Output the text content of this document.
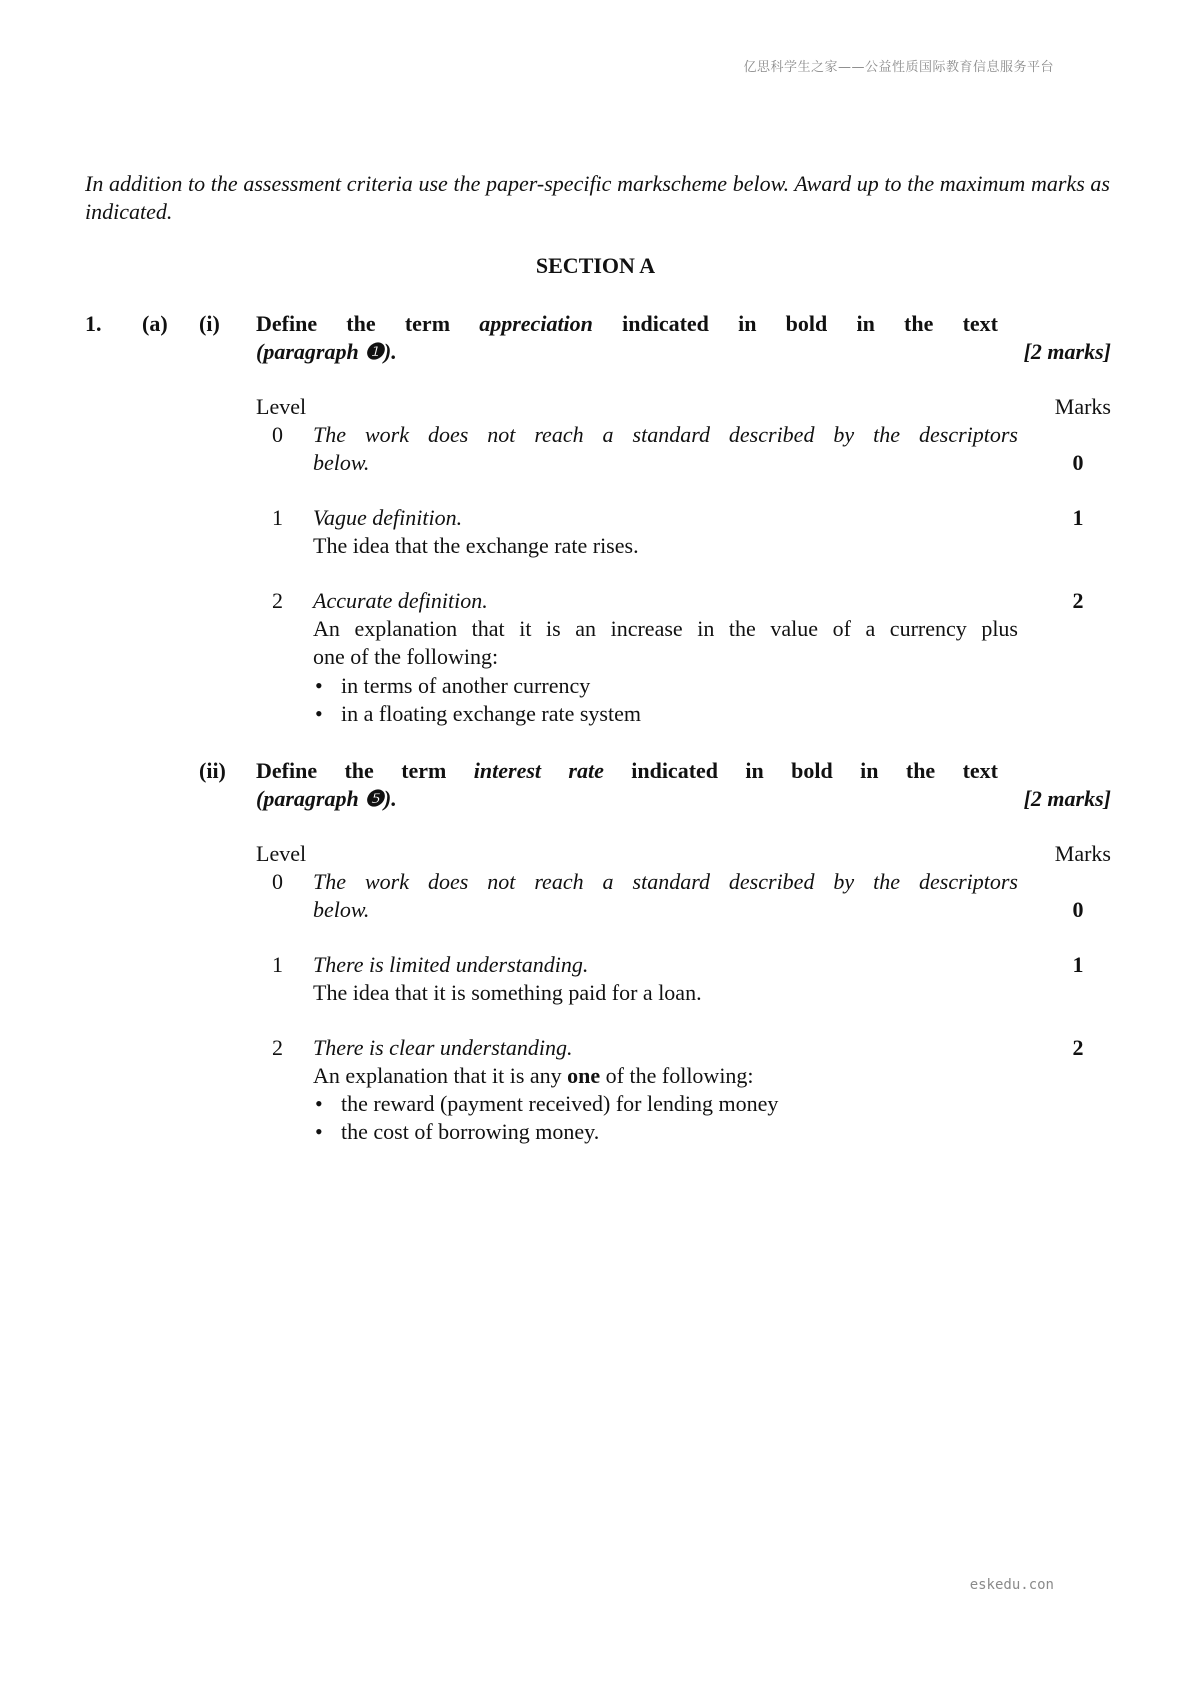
亿思科学生之家——公益性质国际教育信息服务平台
In addition to the assessment criteria use the paper-specific markscheme below. Award up to the maximum marks as indicated.
SECTION A
1. (a) (i) Define the term appreciation indicated in bold in the text
(paragraph ❶).	[2 marks]
Level	Marks
0 The work does not reach a standard described by the descriptors
below.	0
1 Vague definition.	1
The idea that the exchange rate rises.
2 Accurate definition.	2
An explanation that it is an increase in the value of a currency plus
one of the following:
• in terms of another currency
• in a floating exchange rate system
(ii) Define the term interest rate indicated in bold in the text
(paragraph ❺).	[2 marks]
Level	Marks
0 The work does not reach a standard described by the descriptors
below.	0
1 There is limited understanding.	1
The idea that it is something paid for a loan.
2 There is clear understanding.	2
An explanation that it is any one of the following:
• the reward (payment received) for lending money
• the cost of borrowing money.
eskedu.con
